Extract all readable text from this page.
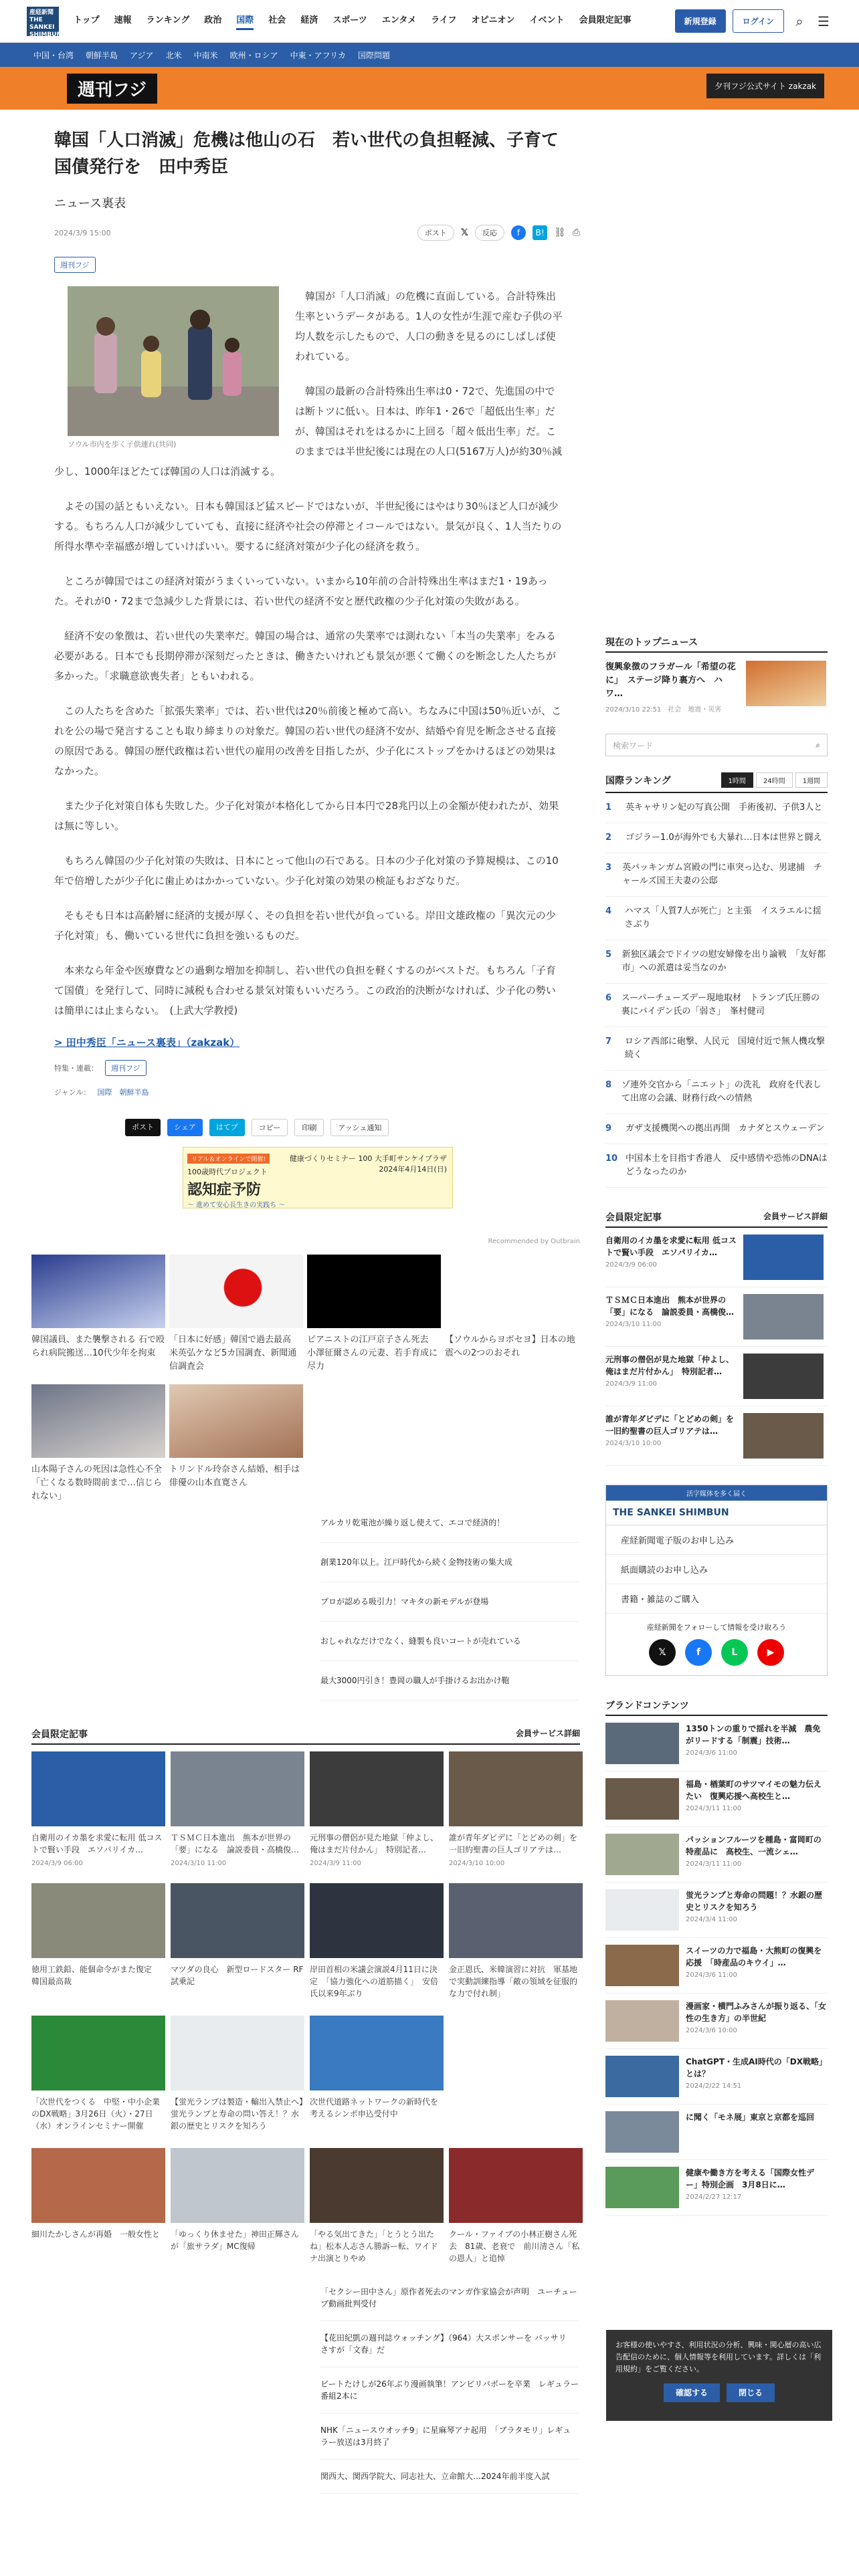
産経新聞 THE SANKEI SHIMBUN
トップ 速報 ランキング 政治 国際 社会 経済 スポーツ エンタメ ライフ オピニオン イベント 会員限定記事	新規登録	ログイン	⌕	☰
中国・台湾 朝鮮半島 アジア 北米 中南米 欧州・ロシア 中東・アフリカ 国際問題
週刊フジ	夕刊フジ公式サイト zakzak
韓国「人口消滅」危機は他山の石　若い世代の負担軽減、子育て国債発行を　田中秀臣
ニュース裏表
2024/3/9 15:00	ポスト	𝕏	反応	f	B!	⛓ ⎙
週刊フジ
ソウル市内を歩く子供連れ(共同)

韓国が「人口消滅」の危機に直面している。合計特殊出生率というデータがある。1人の女性が生涯で産む子供の平均人数を示したもので、人口の動きを見るのにしばしば使われている。

韓国の最新の合計特殊出生率は0・72で、先進国の中では断トツに低い。日本は、昨年1・26で「超低出生率」だが、韓国はそれをはるかに上回る「超々低出生率」だ。このままでは半世紀後には現在の人口(5167万人)が約30％減少し、1000年ほどたてば韓国の人口は消滅する。

よその国の話ともいえない。日本も韓国ほど猛スピードではないが、半世紀後にはやはり30％ほど人口が減少する。もちろん人口が減少していても、直接に経済や社会の停滞とイコールではない。景気が良く、1人当たりの所得水準や幸福感が増していけばいい。要するに経済対策が少子化の経済を救う。

ところが韓国ではこの経済対策がうまくいっていない。いまから10年前の合計特殊出生率はまだ1・19あった。それが0・72まで急減少した背景には、若い世代の経済不安と歴代政権の少子化対策の失敗がある。

経済不安の象徴は、若い世代の失業率だ。韓国の場合は、通常の失業率では測れない「本当の失業率」をみる必要がある。日本でも長期停滞が深刻だったときは、働きたいけれども景気が悪くて働くのを断念した人たちが多かった。「求職意欲喪失者」ともいわれる。

この人たちを含めた「拡張失業率」では、若い世代は20％前後と極めて高い。ちなみに中国は50％近いが、これを公の場で発言することも取り締まりの対象だ。韓国の若い世代の経済不安が、結婚や育児を断念させる直接の原因である。韓国の歴代政権は若い世代の雇用の改善を目指したが、少子化にストップをかけるほどの効果はなかった。

また少子化対策自体も失敗した。少子化対策が本格化してから日本円で28兆円以上の金額が使われたが、効果は無に等しい。

もちろん韓国の少子化対策の失敗は、日本にとって他山の石である。日本の少子化対策の予算規模は、この10年で倍増したが少子化に歯止めはかかっていない。少子化対策の効果の検証もおざなりだ。

そもそも日本は高齢層に経済的支援が厚く、その負担を若い世代が負っている。岸田文雄政権の「異次元の少子化対策」も、働いている世代に負担を強いるものだ。

本来なら年金や医療費などの過剰な増加を抑制し、若い世代の負担を軽くするのがベストだ。もちろん「子育て国債」を発行して、同時に減税も合わせる景気対策もいいだろう。この政治的決断がなければ、少子化の勢いは簡単には止まらない。　(上武大学教授)

> 田中秀臣「ニュース裏表」（zakzak）
特集・連載：	週刊フジ
ジャンル： 国際　朝鮮半島
ポスト	シェア	はてブ	コピー	印刷	アッシュ通知
リアル＆オンラインで開催!
100歳時代プロジェクト
認知症予防
～ 進めて安心長生きの実践ち ～
健康づくりセミナー 100 大手町サンケイプラザ
2024年4月14日(日)
Recommended by Outbrain
韓国議員、また襲撃される 石で殴られ病院搬送…10代少年を拘束
「日本に好感」韓国で過去最高　米英弘ケなど5カ国調査、新聞通信調査会
ピアニストの江戸京子さん死去　小澤征爾さんの元妻、若手育成に尽力
【ソウルからヨボセヨ】日本の地震への2つのおそれ
山本陽子さんの死因は急性心不全　「亡くなる数時間前まで…信じられない」
トリンドル玲奈さん結婚、相手は俳優の山本直寛さん
アルカリ乾電池が繰り返し使えて、エコで経済的！
創業120年以上。江戸時代から続く金物技術の集大成
プロが認める吸引力！マキタの新モデルが登場
おしゃれなだけでなく、縫製も良いコートが売れている
最大3000円引き！豊岡の職人が手掛けるお出かけ鞄
会員限定記事	会員サービス詳細
自衛用のイカ墨を求愛に転用 低コストで賢い手段　エソパリイカ…
2024/3/9 06:00
ＴＳＭＣ日本進出　熊本が世界の「要」になる　論説委員・高橋俊…
2024/3/10 11:00
元刑事の僧侶が見た地獄「仲よし、俺はまだ片付かん」　特別記者…
2024/3/9 11:00
誰が青年ダビデに「とどめの剣」を一旧約聖書の巨人ゴリアテは…
2024/3/10 10:00
徳用工鉄鉛、能個命令がまた復定　韓国最高裁
マツダの良心　新型ロードスター RF試乗記
岸田首相の米議会演説4月11日に決定　「協力強化への道筋描く」　安倍氏以来9年ぶり
金正恩氏、米韓演習に対抗　軍基地で実動訓練指導「敵の領域を征服的な力で付れ制」
「次世代をつくる　中堅・中小企業のDX戦略」3月26日（火）・27日（水）オンラインセミナー開催
【蛍光ランプは製造・輸出入禁止へ】蛍光ランプと寿命の問い答え！？水銀の歴史とリスクを知ろう
次世代道路ネットワークの新時代を考えるシンポ申込受付中
細川たかしさんが再婚　一般女性と	「ゆっくり休ませた」神田正輝さんが「旅サラダ」MC復帰
「やる気出てきた」「とうとう出たね」松本人志さん勝訴ー転、ワイドナ出演とりやめ
クール・ファイブの小林正樹さん死去　81歳、老衰で　前川清さん「私の恩人」と追悼
「セクシー田中さん」原作者死去のマンガ作家協会が声明　ユーチューブ動画批判受付
【花田紀凱の週刊誌ウォッチング】（964）大スポンサーを バッサリ　さすが「文春」だ
ビートたけしが26年ぶり漫画執筆！アンビリバボーを卒業　レギュラー番組2本に
NHK「ニュースウオッチ9」に星麻琴アナ起用　「ブラタモリ」レギュラー放送は3月終了
関西大、関西学院大、同志社大、立命館大…2024年前半度入試
現在のトップニュース
復興象徴のフラガール「希望の花に」　ステージ降り裏方へ　ハワ…
2024/3/10 22:51　 社会　地震・災害
検索ワード	⌕
国際ランキング	1時間	24時間	1週間
1	英キャサリン妃の写真公開　手術後初、子供3人と
2	ゴジラー1.0が海外でも大暴れ…日本は世界と闘え
3 英バッキンガム宮殿の門に車突っ込む、男逮捕　チャールズ国王夫妻の公邸
4	ハマス「人質7人が死亡」と主張　イスラエルに揺さぶり
5 新独区議会でドイツの慰安婦像を出り論戦　「友好都市」への派遣は妥当なのか
6 スーパーチューズデー現地取材　トランプ氏圧勝の裏にバイデン氏の「弱さ」　峯村健司
7	ロシア西部に砲撃、人民元　国境付近で無人機攻撃続く
8 ゾ連外交官から「ニエット」の洗礼　政府を代表して出席の会議、財務行政への情熱
9	ガザ支援機関への拠出再開　カナダとスウェーデン
10 中国本土を目指す香港人　反中感情や恐怖のDNAはどうなったのか
会員限定記事	会員サービス詳細
自衛用のイカ墨を求愛に転用 低コストで賢い手段　エソパリイカ…
2024/3/9 06:00
ＴＳＭＣ日本進出　熊本が世界の「要」になる　論説委員・高橋俊…
2024/3/10 11:00
元刑事の僧侶が見た地獄「仲よし、俺はまだ片付かん」　特別記者…
2024/3/9 11:00
誰が青年ダビデに「とどめの剣」を一旧約聖書の巨人ゴリアテは…
2024/3/10 10:00
活字媒体を多く届く
THE SANKEI SHIMBUN
産経新聞電子版のお申し込み
紙面購読のお申し込み
書籍・雑誌のご購入
産経新聞をフォローして情報を受け取ろう
𝕏	f	L	▶
ブランドコンテンツ
1350トンの重りで揺れを半減　農免がリードする「制震」技術…
2024/3/6 11:00
福島・楢葉町のサツマイモの魅力伝えたい　復興応援へ高校生と…
2024/3/11 11:00
パッションフルーツを種島・富岡町の特産品に　高校生、一流シェ…
2024/3/11 11:00
蛍光ランプと寿命の問題！？水銀の歴史とリスクを知ろう
2024/3/4 11:00
スイーツの力で福島・大熊町の復興を応援　「時産品のキウイ」…
2024/3/6 11:00
漫画家・横門ふみさんが振り返る、「女性の生き方」の半世紀
2024/3/6 10:00
ChatGPT・生成AI時代の「DX戦略」とは？
2024/2/22 14:51
に聞く「モネ展」東京と京都を巡回
健康や働き方を考える「国際女性デー」特別企画　3月8日に…
2024/2/27 12:17
お客様の使いやすさ、利用状況の分析、興味・関心層の高い広告配信のために、個人情報等を利用しています。詳しくは「利用規約」をご覧ください。
確認する	閉じる
